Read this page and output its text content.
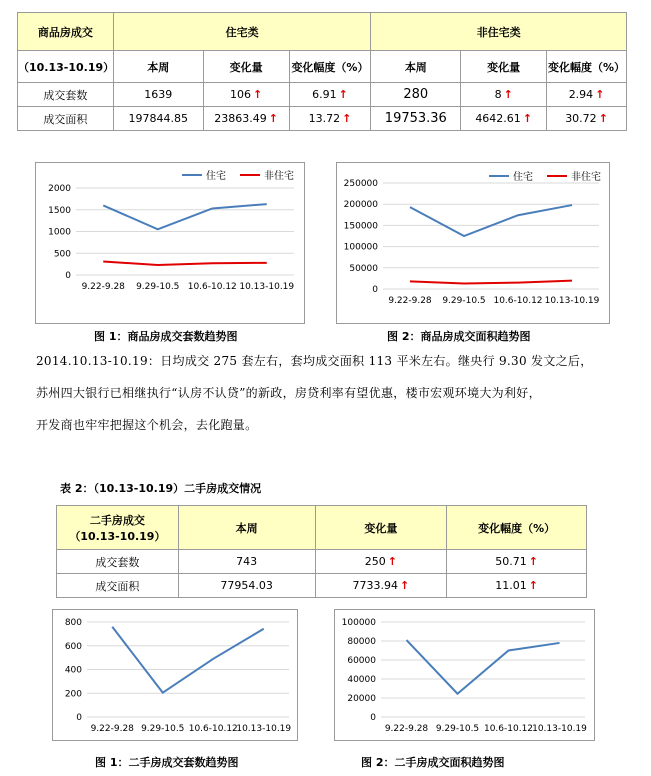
商品房成交	住宅类			非住宅类		
（10.13-10.19）	本周	变化量	变化幅度（%）	本周	变化量	变化幅度（%）
成交套数	1639	106 ↑	6.91 ↑	280	8 ↑	2.94 ↑
成交面积	197844.85	23863.49 ↑	13.72 ↑	19753.36	4642.61 ↑	30.72 ↑
0
500
1000
1500
2000
9.22-9.28 9.29-10.5 10.6-10.12 10.13-10.19
住宅	非住宅
0
50000
100000
150000
200000
250000
9.22-9.28 9.29-10.5 10.6-10.12 10.13-10.19
住宅	非住宅
图 1：商品房成交套数趋势图	图 2：商品房成交面积趋势图
2014.10.13-10.19：日均成交 275 套左右，套均成交面积 113 平米左右。继央行 9.30 发文之后，
苏州四大银行已相继执行“认房不认贷”的新政，房贷利率有望优惠，楼市宏观环境大为利好，
开发商也牢牢把握这个机会，去化跑量。
表 2：（10.13-10.19）二手房成交情况
二手房成交
（10.13-10.19）	本周	变化量	变化幅度（%）
成交套数	743	250 ↑	50.71 ↑
成交面积	77954.03	7733.94 ↑	11.01 ↑
0
200
400
600
800
9.22-9.28 9.29-10.5 10.6-10.12
10.13-10.19
0
20000
40000
60000
80000
100000
9.22-9.28 9.29-10.5 10.6-10.12 10.13-10.19
图 1：二手房成交套数趋势图	图 2：二手房成交面积趋势图
